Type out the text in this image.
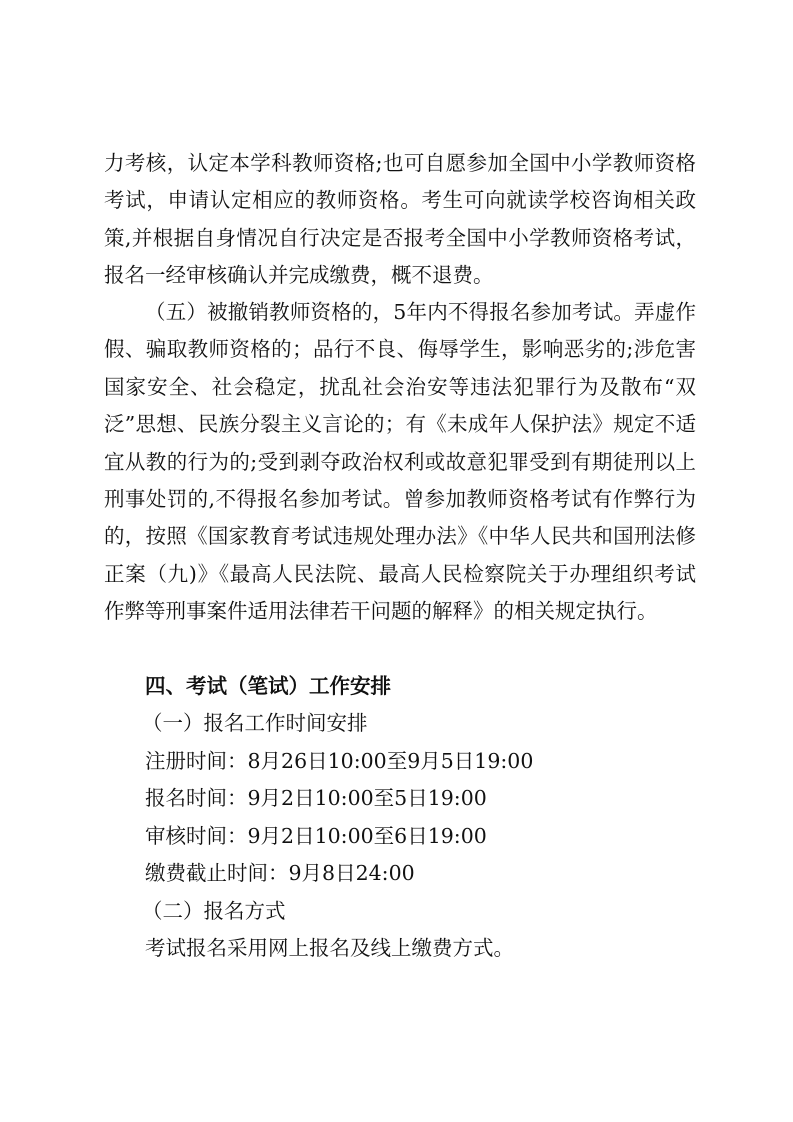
力考核，认定本学科教师资格;也可自愿参加全国中小学教师资格考试，申请认定相应的教师资格。考生可向就读学校咨询相关政策,并根据自身情况自行决定是否报考全国中小学教师资格考试，报名一经审核确认并完成缴费，概不退费。

（五）被撤销教师资格的，5年内不得报名参加考试。弄虚作假、骗取教师资格的；品行不良、侮辱学生，影响恶劣的;涉危害国家安全、社会稳定，扰乱社会治安等违法犯罪行为及散布“双泛”思想、民族分裂主义言论的；有《未成年人保护法》规定不适宜从教的行为的;受到剥夺政治权利或故意犯罪受到有期徒刑以上刑事处罚的,不得报名参加考试。曾参加教师资格考试有作弊行为的，按照《国家教育考试违规处理办法》《中华人民共和国刑法修正案（九)》《最高人民法院、最高人民检察院关于办理组织考试作弊等刑事案件适用法律若干问题的解释》的相关规定执行。

四、考试（笔试）工作安排

（一）报名工作时间安排

注册时间：8月26日10:00至9月5日19:00

报名时间：9月2日10:00至5日19:00

审核时间：9月2日10:00至6日19:00

缴费截止时间：9月8日24:00

（二）报名方式

考试报名采用网上报名及线上缴费方式。
